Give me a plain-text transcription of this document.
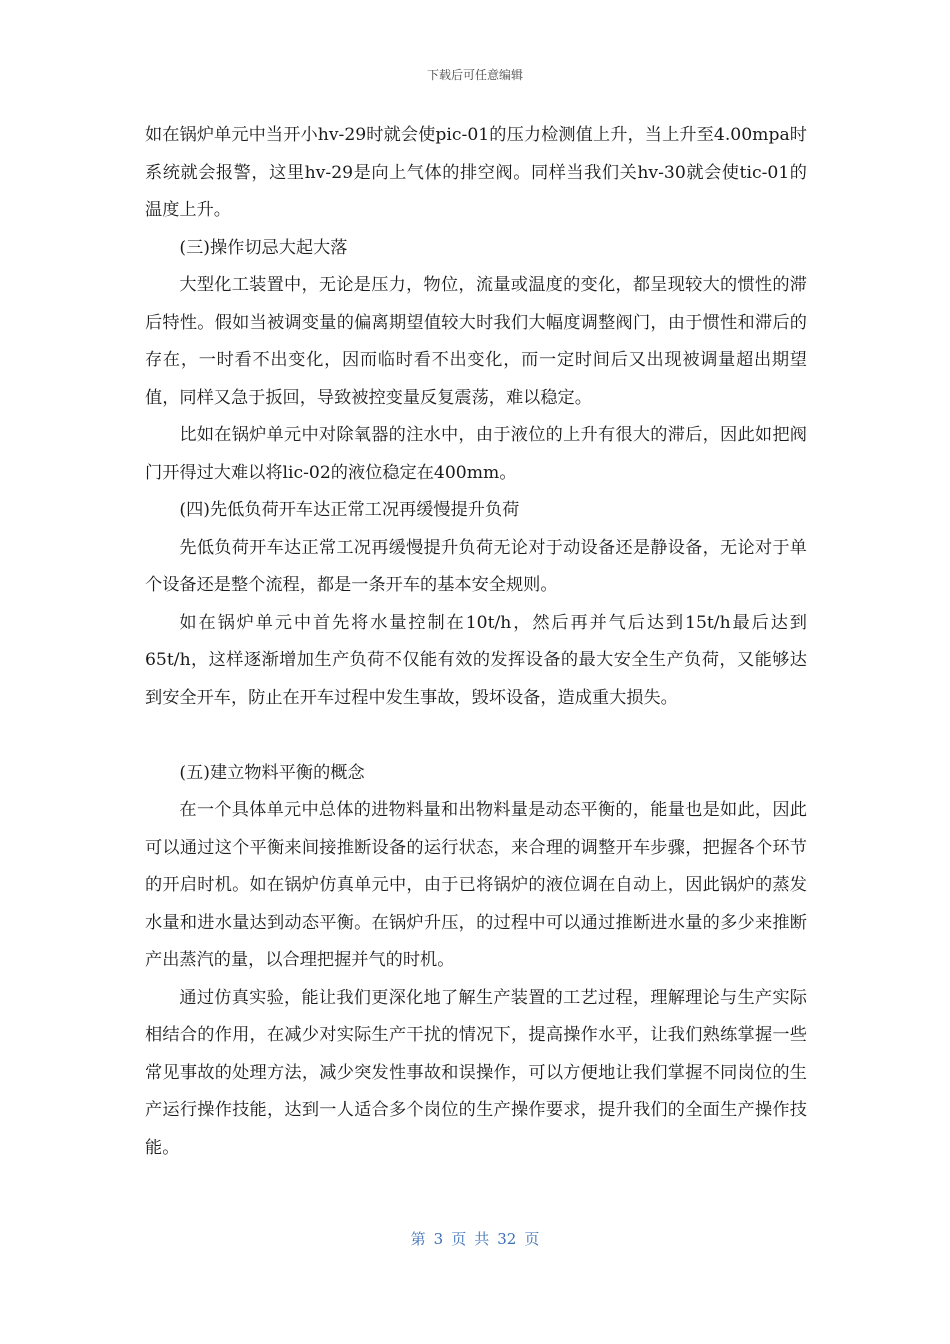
下载后可任意编辑

如在锅炉单元中当开小hv-29时就会使pic-01的压力检测值上升，当上升至4.00mpa时系统就会报警，这里hv-29是向上气体的排空阀。同样当我们关hv-30就会使tic-01的温度上升。

(三)操作切忌大起大落

大型化工装置中，无论是压力，物位，流量或温度的变化，都呈现较大的惯性的滞后特性。假如当被调变量的偏离期望值较大时我们大幅度调整阀门，由于惯性和滞后的存在，一时看不出变化，因而临时看不出变化，而一定时间后又出现被调量超出期望值，同样又急于扳回，导致被控变量反复震荡，难以稳定。

比如在锅炉单元中对除氧器的注水中，由于液位的上升有很大的滞后，因此如把阀门开得过大难以将lic-02的液位稳定在400mm。

(四)先低负荷开车达正常工况再缓慢提升负荷

先低负荷开车达正常工况再缓慢提升负荷无论对于动设备还是静设备，无论对于单个设备还是整个流程，都是一条开车的基本安全规则。

如在锅炉单元中首先将水量控制在10t/h，然后再并气后达到15t/h最后达到65t/h，这样逐渐增加生产负荷不仅能有效的发挥设备的最大安全生产负荷，又能够达到安全开车，防止在开车过程中发生事故，毁坏设备，造成重大损失。

(五)建立物料平衡的概念

在一个具体单元中总体的进物料量和出物料量是动态平衡的，能量也是如此，因此可以通过这个平衡来间接推断设备的运行状态，来合理的调整开车步骤，把握各个环节的开启时机。如在锅炉仿真单元中，由于已将锅炉的液位调在自动上，因此锅炉的蒸发水量和进水量达到动态平衡。在锅炉升压，的过程中可以通过推断进水量的多少来推断产出蒸汽的量，以合理把握并气的时机。

通过仿真实验，能让我们更深化地了解生产装置的工艺过程，理解理论与生产实际相结合的作用，在减少对实际生产干扰的情况下，提高操作水平，让我们熟练掌握一些常见事故的处理方法，减少突发性事故和误操作，可以方便地让我们掌握不同岗位的生产运行操作技能，达到一人适合多个岗位的生产操作要求，提升我们的全面生产操作技能。

第 3 页 共 32 页
